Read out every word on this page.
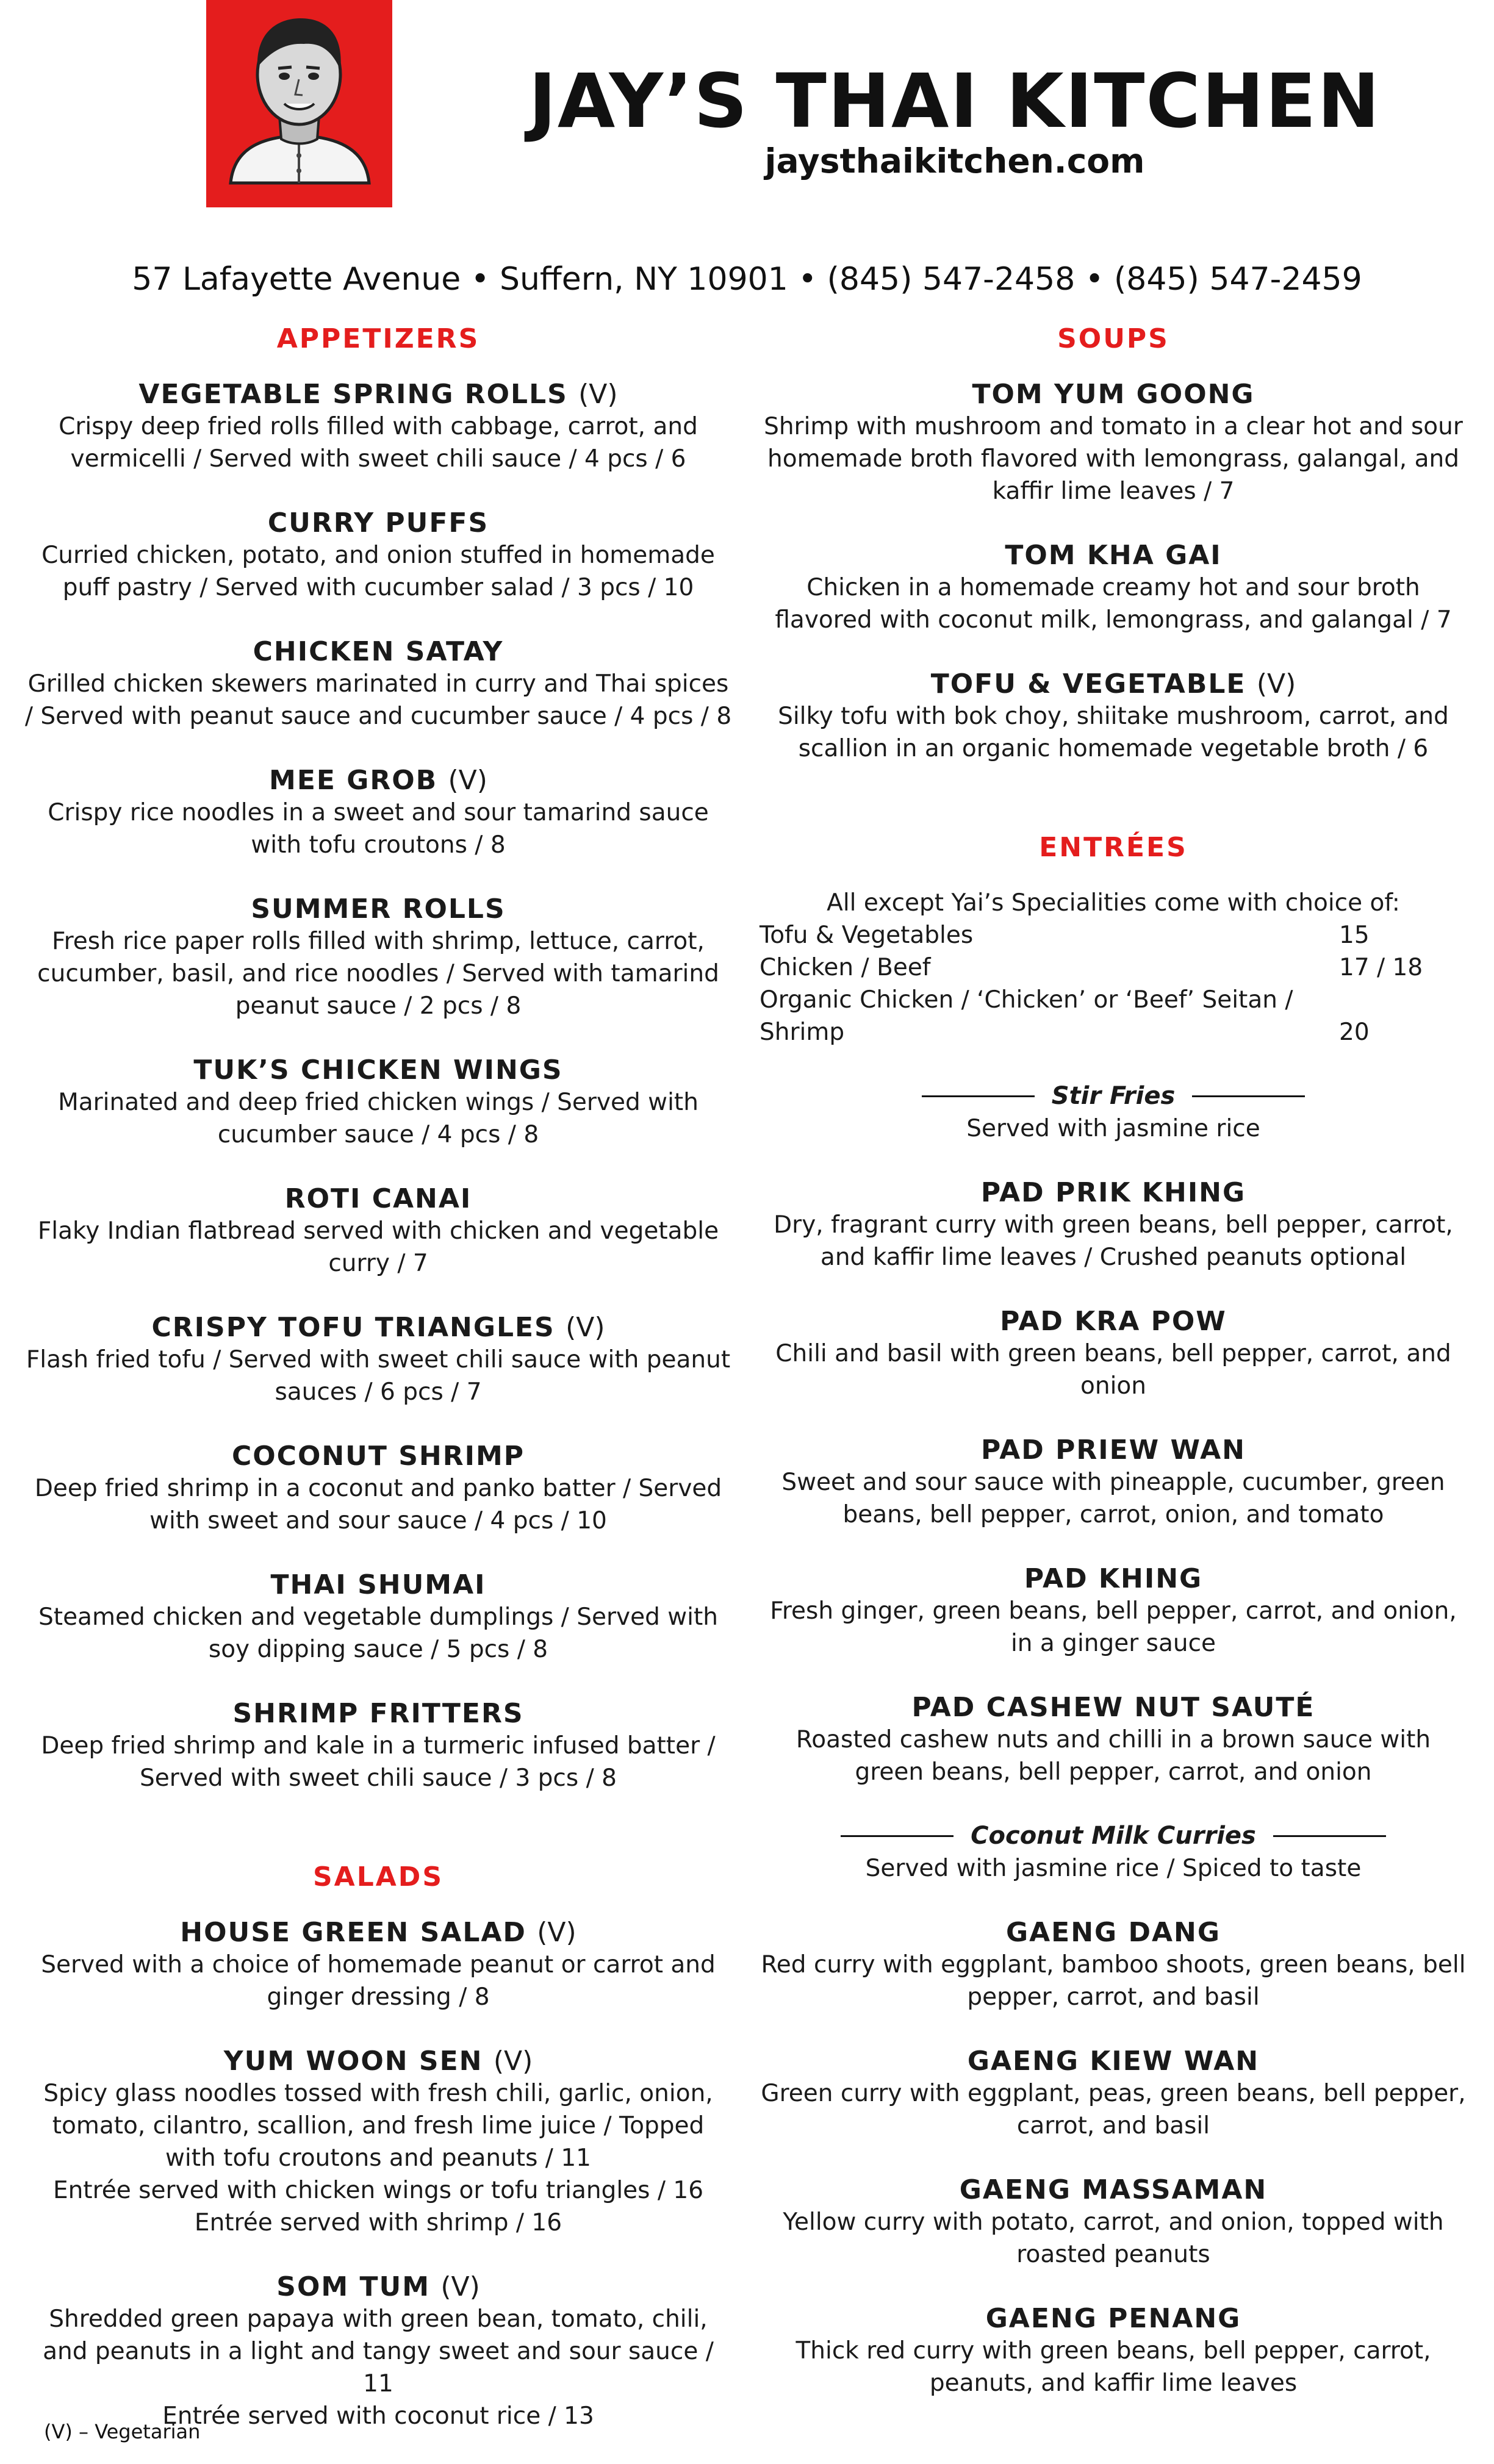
JAY’S THAI KITCHEN
jaysthaikitchen.com
57 Lafayette Avenue • Suffern, NY 10901 • (845) 547-2458 • (845) 547-2459
APPETIZERS
VEGETABLE SPRING ROLLS (V)
Crispy deep fried rolls filled with cabbage, carrot, and vermicelli / Served with sweet chili sauce / 4 pcs / 6
CURRY PUFFS
Curried chicken, potato, and onion stuffed in homemade puff pastry / Served with cucumber salad / 3 pcs / 10
CHICKEN SATAY
Grilled chicken skewers marinated in curry and Thai spices / Served with peanut sauce and cucumber sauce / 4 pcs / 8
MEE GROB (V)
Crispy rice noodles in a sweet and sour tamarind sauce with tofu croutons / 8
SUMMER ROLLS
Fresh rice paper rolls filled with shrimp, lettuce, carrot, cucumber, basil, and rice noodles / Served with tamarind peanut sauce / 2 pcs / 8
TUK’S CHICKEN WINGS
Marinated and deep fried chicken wings / Served with cucumber sauce / 4 pcs / 8
ROTI CANAI
Flaky Indian flatbread served with chicken and vegetable curry / 7
CRISPY TOFU TRIANGLES (V)
Flash fried tofu / Served with sweet chili sauce with peanut sauces / 6 pcs / 7
COCONUT SHRIMP
Deep fried shrimp in a coconut and panko batter / Served with sweet and sour sauce / 4 pcs / 10
THAI SHUMAI
Steamed chicken and vegetable dumplings / Served with soy dipping sauce / 5 pcs / 8
SHRIMP FRITTERS
Deep fried shrimp and kale in a turmeric infused batter / Served with sweet chili sauce / 3 pcs / 8
SALADS
HOUSE GREEN SALAD (V)
Served with a choice of homemade peanut or carrot and ginger dressing / 8
YUM WOON SEN (V)
Spicy glass noodles tossed with fresh chili, garlic, onion, tomato, cilantro, scallion, and fresh lime juice / Topped with tofu croutons and peanuts / 11
Entrée served with chicken wings or tofu triangles / 16
Entrée served with shrimp / 16
SOM TUM (V)
Shredded green papaya with green bean, tomato, chili, and peanuts in a light and tangy sweet and sour sauce / 11
Entrée served with coconut rice / 13
SOUPS
TOM YUM GOONG
Shrimp with mushroom and tomato in a clear hot and sour homemade broth flavored with lemongrass, galangal, and kaffir lime leaves / 7
TOM KHA GAI
Chicken in a homemade creamy hot and sour broth flavored with coconut milk, lemongrass, and galangal / 7
TOFU & VEGETABLE (V)
Silky tofu with bok choy, shiitake mushroom, carrot, and scallion in an organic homemade vegetable broth / 6
ENTRÉES
All except Yai’s Specialities come with choice of:
Tofu & Vegetables	15
Chicken / Beef	17 / 18
Organic Chicken / ‘Chicken’ or ‘Beef’ Seitan /
Shrimp	20
Stir Fries
Served with jasmine rice
PAD PRIK KHING
Dry, fragrant curry with green beans, bell pepper, carrot, and kaffir lime leaves / Crushed peanuts optional
PAD KRA POW
Chili and basil with green beans, bell pepper, carrot, and onion
PAD PRIEW WAN
Sweet and sour sauce with pineapple, cucumber, green beans, bell pepper, carrot, onion, and tomato
PAD KHING
Fresh ginger, green beans, bell pepper, carrot, and onion, in a ginger sauce
PAD CASHEW NUT SAUTÉ
Roasted cashew nuts and chilli in a brown sauce with green beans, bell pepper, carrot, and onion
Coconut Milk Curries
Served with jasmine rice / Spiced to taste
GAENG DANG
Red curry with eggplant, bamboo shoots, green beans, bell pepper, carrot, and basil
GAENG KIEW WAN
Green curry with eggplant, peas, green beans, bell pepper, carrot, and basil
GAENG MASSAMAN
Yellow curry with potato, carrot, and onion, topped with roasted peanuts
GAENG PENANG
Thick red curry with green beans, bell pepper, carrot, peanuts, and kaffir lime leaves
(V) – Vegetarian
